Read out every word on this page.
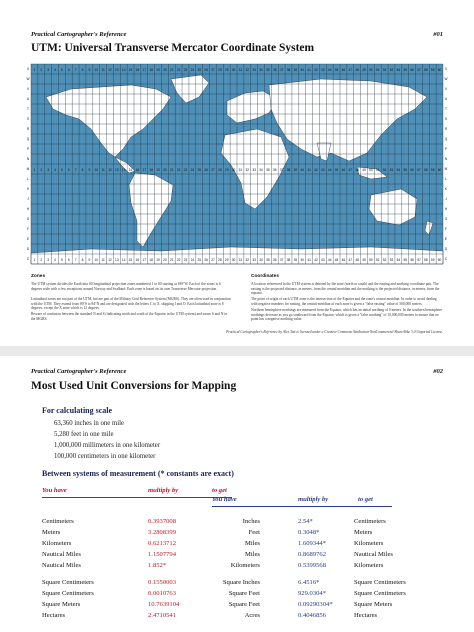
Practical Cartographer's Reference	#01
UTM: Universal Transverse Mercator Coordinate System
1
1
1
2
2
2
3
3
3
4
4
4
5
5
5
6
6
6
7
7
7
8
8
8
9
9
9
10
10
10
11
11
11
12
12
12
13
13
13
14
14
14
15
15
15
16
16
16
17
17
17
18
18
18
19
19
19
20
20
20
21
21
21
22
22
22
23
23
23
24
24
24
25
25
25
26
26
26
27
27
27
28
28
28
29
29
29
30
30
30
31
31
31
32
32
32
33
33
33
34
34
34
35
35
35
36
36
36
37
37
37
38
38
38
39
39
39
40
40
40
41
41
41
42
42
42
43
43
43
44
44
44
45
45
45
46
46
46
47
47
47
48
48
48
49
49
49
50
50
50
51
51
51
52
52
52
53
53
53
54
54
54
55
55
55
56
56
56
57
57
57
58
58
58
59
59
59
60
60
60
X	X
W	W
V	V
U	U
T	T
S	S
R	R
Q	Q
P	P
N	N
M	M
L	L
K	K
J	J
H	H
G	G
F	F
E	E
D	D
C	C
Zones
The UTM system divides the Earth into 60 longitudinal projection zones numbered 1 to 60 starting at 180°W. Each of the zones is 6 degrees wide with a few exceptions around Norway and Svalbard. Each zone is based on its own Transverse Mercator projection.
Latitudinal zones are not part of the UTM, but are part of the Military Grid Reference System (MGRS). They are often used in conjunction with the UTM. They extend from 80°S to 84°N and are designated with the letters C to X, skipping I and O. Each latitudinal zone is 8 degrees, except the X zone which is 12 degrees.
Beware of confusion between the standard N and S (indicating north and south of the Equator in the UTM system) and zones S and N in the MGRS.
Coordinates
A location referenced in the UTM system is denoted by the zone (north or south) and the easting and northing coordinate pair. The easting is the projected distance, in meters, from the central meridian and the northing is the projected distance, in meters, from the equator.
The point of origin of each UTM zone is the intersection of the Equator and the zone's central meridian. In order to avoid dealing with negative numbers for easting, the central meridian of each zone is given a "false easting" value of 500,000 meters.
Northern hemisphere northings are measured from the Equator, which has an initial northing of 0 meters. In the southern hemisphere northings decrease as you go southward from the Equator, which is given a "false northing" of 10,000,000 meters to ensure that no point has a negative northing value.
Practical Cartographer's Reference by Alex Tait is licensed under a Creative Commons Attribution-NonCommercial-ShareAlike 3.0 Unported License.
Practical Cartographer's Reference	#02
Most Used Unit Conversions for Mapping
For calculating scale
63,360 inches in one mile
5,280 feet in one mile
1,000,000 millimeters in one kilometer
100,000 centimeters in one kilometer
Between systems of measurement (* constants are exact)
You have	multiply by	to get
You have	multiply by	to get
Centimeters	0.3937008	Inches	2.54*	Centimeters
Meters	3.2808399	Feet	0.3048*	Meters
Kilometers	0.6213712	Miles	1.609344*	Kilometers
Nautical Miles	1.1507794	Miles	0.8689762	Nautical Miles
Nautical Miles	1.852*	Kilometers	0.5399568	Kilometers
Square Centimeters	0.1550003	Square Inches	6.4516*	Square Centimeters
Square Centimeters	0.0010763	Square Feet	929.0304*	Square Centimeters
Square Meters	10.7639104	Square Feet	0.09290304*	Square Meters
Hectares	2.4710541	Acres	0.4046856	Hectares
